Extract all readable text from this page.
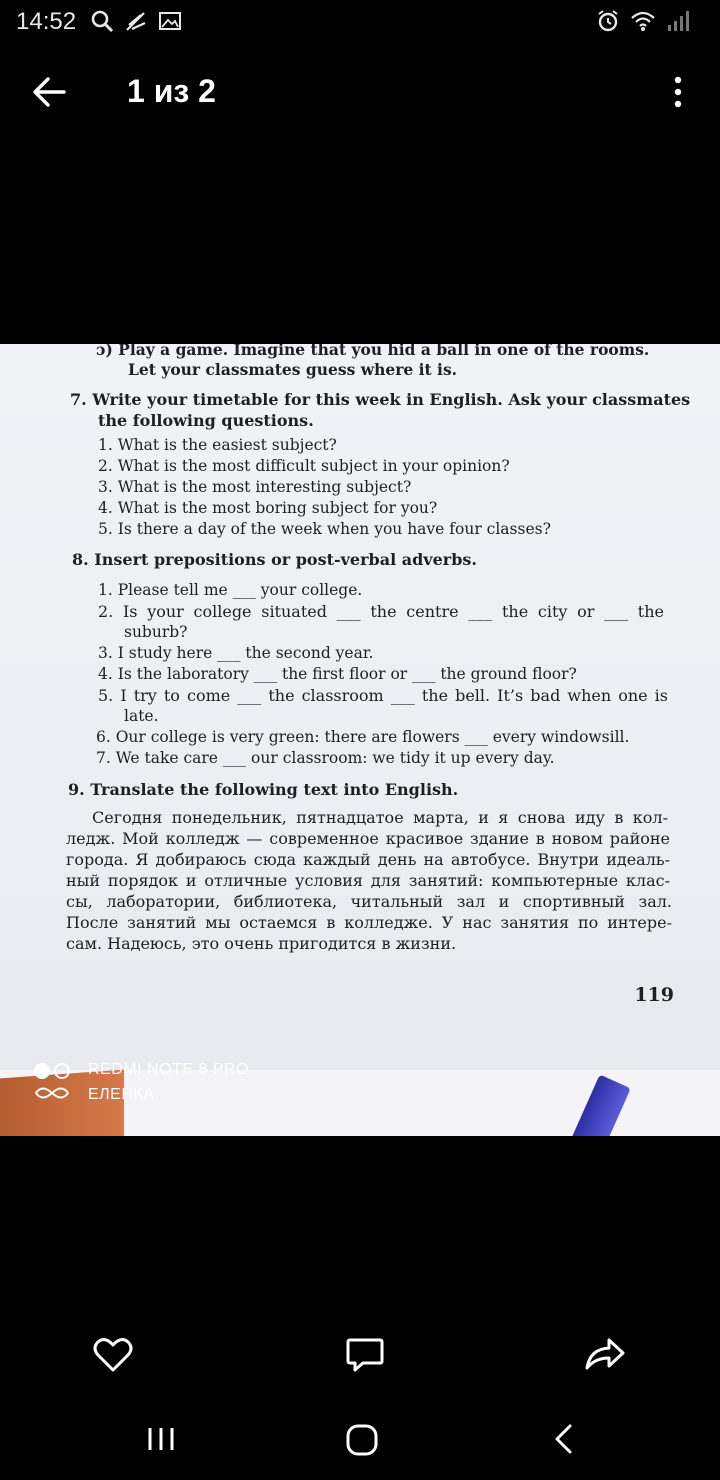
14:52
1 из 2
ɔ) Play a game. Imagine that you hid a ball in one of the rooms.
Let your classmates guess where it is.
7. Write your timetable for this week in English. Ask your classmates
the following questions.
1. What is the easiest subject?
2. What is the most difficult subject in your opinion?
3. What is the most interesting subject?
4. What is the most boring subject for you?
5. Is there a day of the week when you have four classes?
8. Insert prepositions or post-verbal adverbs.
1. Please tell me ___ your college.
2. Is your college situated ___ the centre ___ the city or ___ the
suburb?
3. I study here ___ the second year.
4. Is the laboratory ___ the first floor or ___ the ground floor?
5. I try to come ___ the classroom ___ the bell. It’s bad when one is
late.
6. Our college is very green: there are flowers ___ every windowsill.
7. We take care ___ our classroom: we tidy it up every day.
9. Translate the following text into English.
Сегодня понедельник, пятнадцатое марта, и я снова иду в кол-
ледж. Мой колледж — современное красивое здание в новом районе
города. Я добираюсь сюда каждый день на автобусе. Внутри идеаль-
ный порядок и отличные условия для занятий: компьютерные клас-
сы, лаборатории, библиотека, читальный зал и спортивный зал.
После занятий мы остаемся в колледже. У нас занятия по интере-
сам. Надеюсь, это очень пригодится в жизни.
119
REDMI NOTE 8 PRO
ЕЛЕНКА
